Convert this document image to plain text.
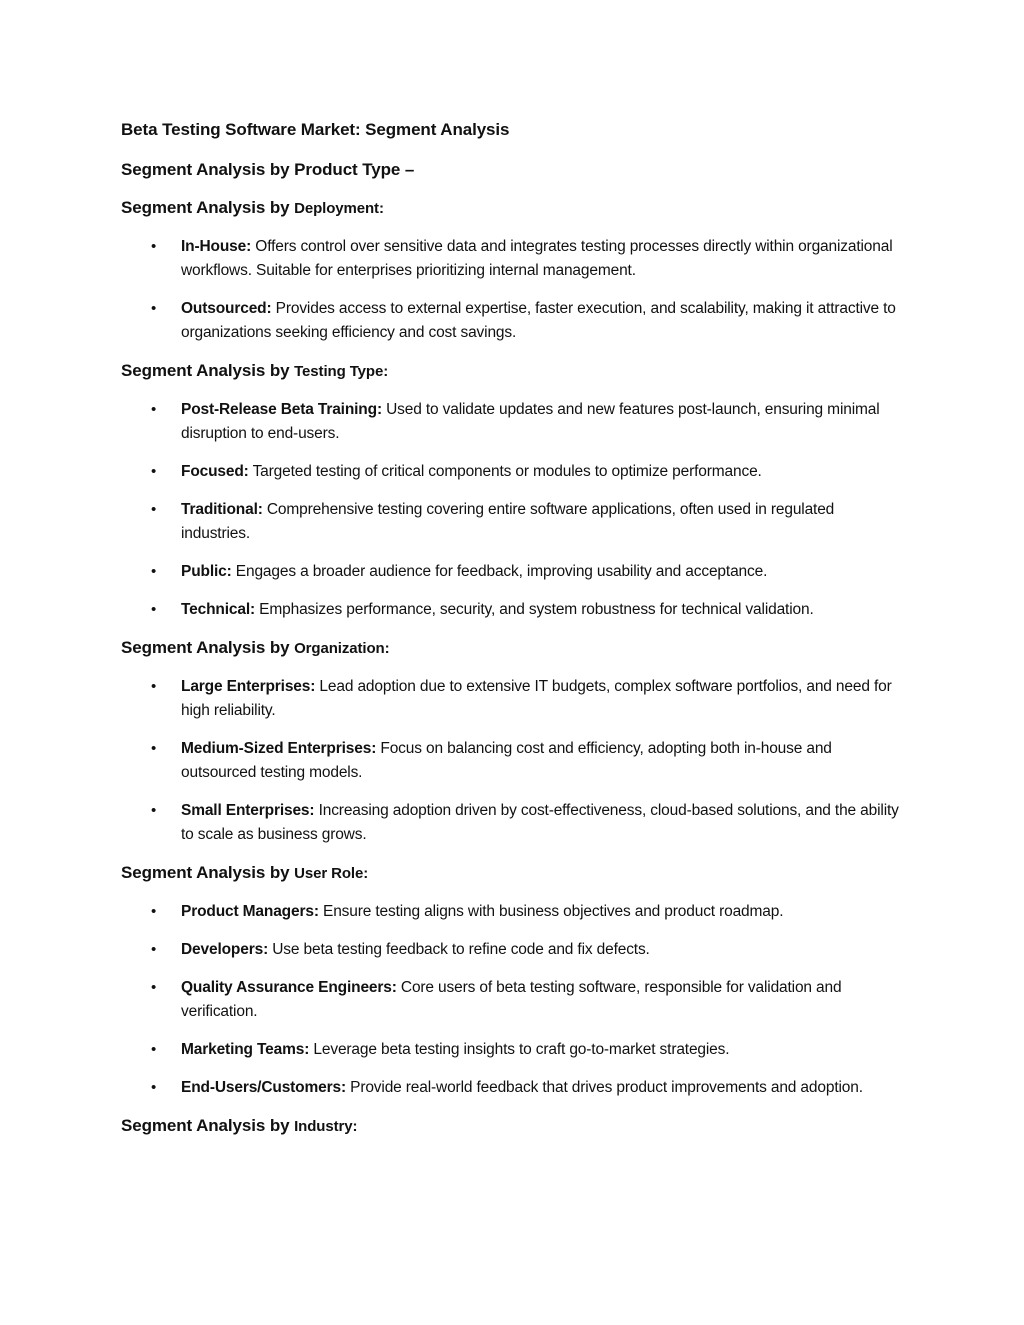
Beta Testing Software Market: Segment Analysis

Segment Analysis by Product Type –

Segment Analysis by Deployment:

• In-House: Offers control over sensitive data and integrates testing processes directly within organizational workflows. Suitable for enterprises prioritizing internal management.
• Outsourced: Provides access to external expertise, faster execution, and scalability, making it attractive to organizations seeking efficiency and cost savings.

Segment Analysis by Testing Type:

• Post-Release Beta Training: Used to validate updates and new features post-launch, ensuring minimal disruption to end-users.
• Focused: Targeted testing of critical components or modules to optimize performance.
• Traditional: Comprehensive testing covering entire software applications, often used in regulated industries.
• Public: Engages a broader audience for feedback, improving usability and acceptance.
• Technical: Emphasizes performance, security, and system robustness for technical validation.

Segment Analysis by Organization:

• Large Enterprises: Lead adoption due to extensive IT budgets, complex software portfolios, and need for high reliability.
• Medium-Sized Enterprises: Focus on balancing cost and efficiency, adopting both in-house and outsourced testing models.
• Small Enterprises: Increasing adoption driven by cost-effectiveness, cloud-based solutions, and the ability to scale as business grows.

Segment Analysis by User Role:

• Product Managers: Ensure testing aligns with business objectives and product roadmap.
• Developers: Use beta testing feedback to refine code and fix defects.
• Quality Assurance Engineers: Core users of beta testing software, responsible for validation and verification.
• Marketing Teams: Leverage beta testing insights to craft go-to-market strategies.
• End-Users/Customers: Provide real-world feedback that drives product improvements and adoption.

Segment Analysis by Industry:
